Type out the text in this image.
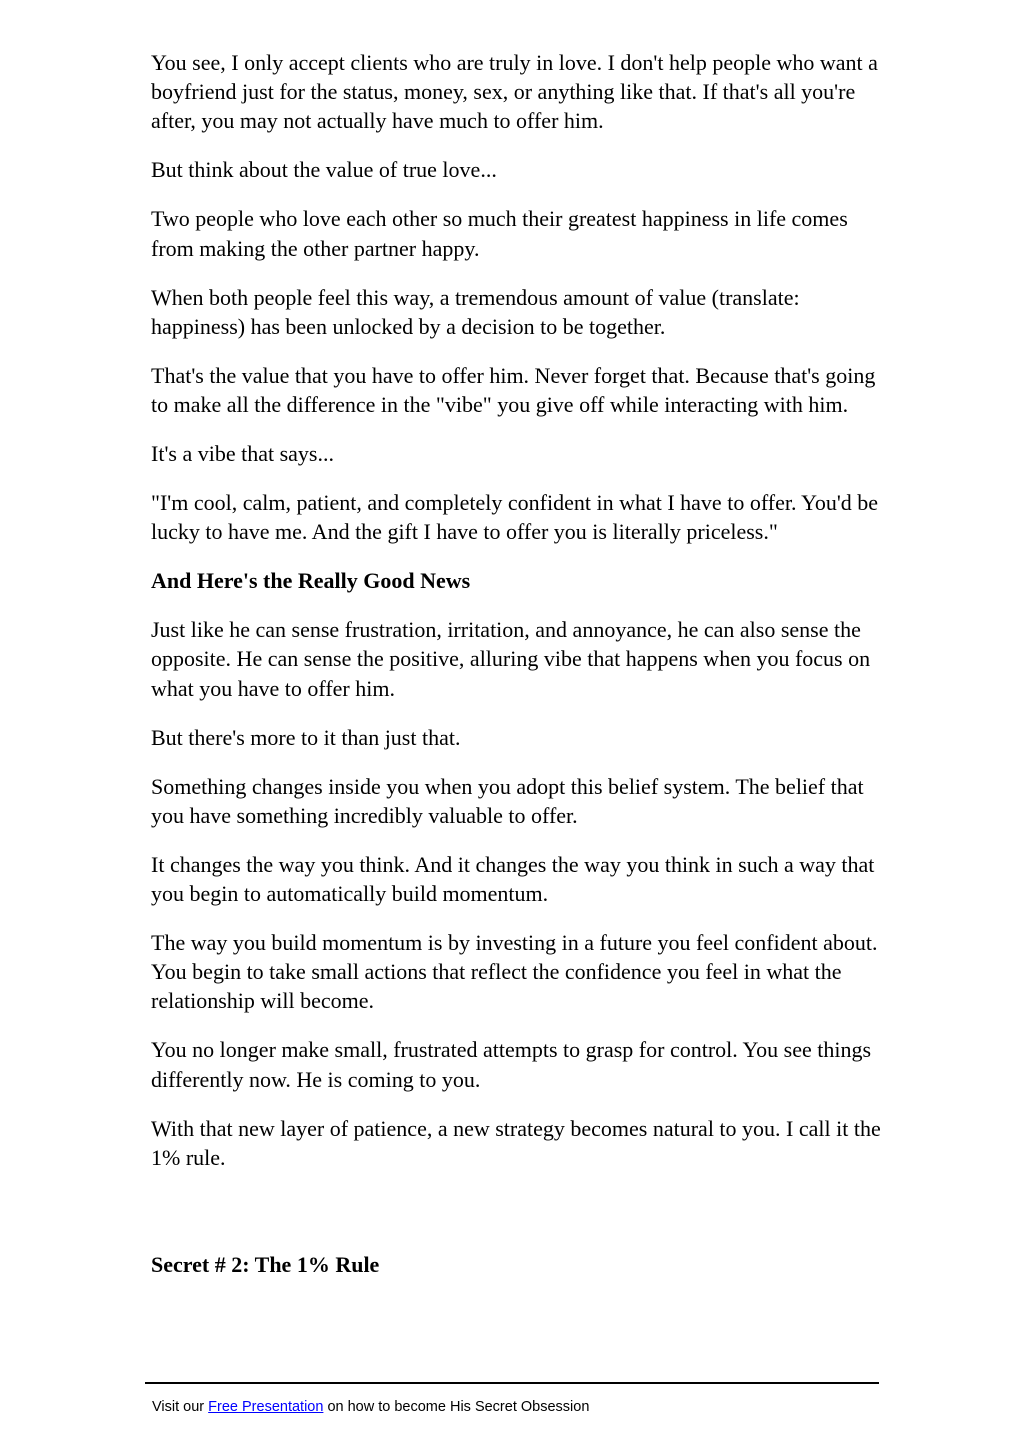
You see, I only accept clients who are truly in love. I don't help people who want a boyfriend just for the status, money, sex, or anything like that. If that's all you're after, you may not actually have much to offer him.

But think about the value of true love...

Two people who love each other so much their greatest happiness in life comes from making the other partner happy.

When both people feel this way, a tremendous amount of value (translate: happiness) has been unlocked by a decision to be together.

That's the value that you have to offer him. Never forget that. Because that's going to make all the difference in the "vibe" you give off while interacting with him.

It's a vibe that says...

"I'm cool, calm, patient, and completely confident in what I have to offer. You'd be lucky to have me. And the gift I have to offer you is literally priceless."

And Here's the Really Good News

Just like he can sense frustration, irritation, and annoyance, he can also sense the opposite. He can sense the positive, alluring vibe that happens when you focus on what you have to offer him.

But there's more to it than just that.

Something changes inside you when you adopt this belief system. The belief that you have something incredibly valuable to offer.

It changes the way you think. And it changes the way you think in such a way that you begin to automatically build momentum.

The way you build momentum is by investing in a future you feel confident about. You begin to take small actions that reflect the confidence you feel in what the relationship will become.

You no longer make small, frustrated attempts to grasp for control. You see things differently now. He is coming to you.

With that new layer of patience, a new strategy becomes natural to you. I call it the 1% rule.

Secret # 2: The 1% Rule

Visit our Free Presentation on how to become His Secret Obsession
